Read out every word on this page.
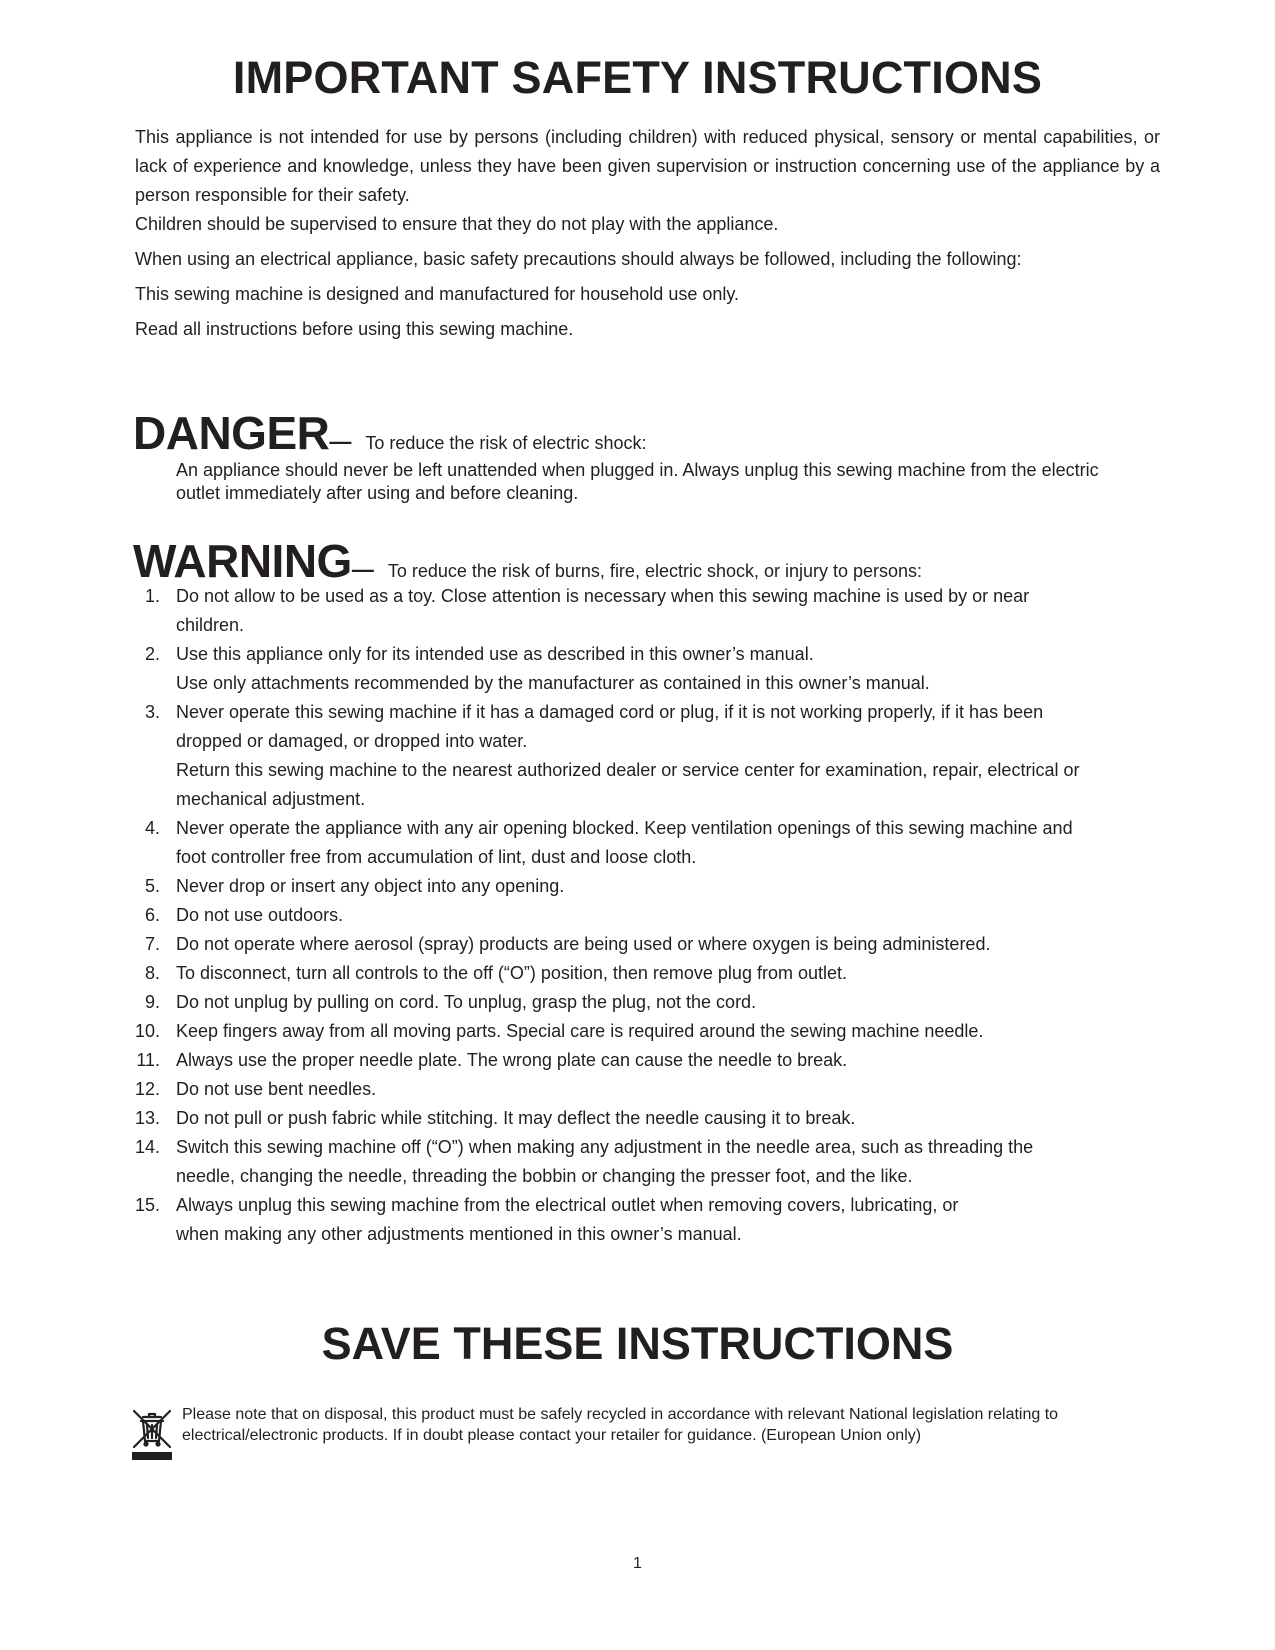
IMPORTANT SAFETY INSTRUCTIONS

This appliance is not intended for use by persons (including children) with reduced physical, sensory or mental capabilities, or lack of experience and knowledge, unless they have been given supervision or instruction concerning use of the appliance by a person responsible for their safety.

Children should be supervised to ensure that they do not play with the appliance.

When using an electrical appliance, basic safety precautions should always be followed, including the following:

This sewing machine is designed and manufactured for household use only.

Read all instructions before using this sewing machine.

DANGER— To reduce the risk of electric shock:

An appliance should never be left unattended when plugged in. Always unplug this sewing machine from the electric outlet immediately after using and before cleaning.

WARNING— To reduce the risk of burns, fire, electric shock, or injury to persons:
1. Do not allow to be used as a toy. Close attention is necessary when this sewing machine is used by or near
children.
2. Use this appliance only for its intended use as described in this owner’s manual.
Use only attachments recommended by the manufacturer as contained in this owner’s manual.
3. Never operate this sewing machine if it has a damaged cord or plug, if it is not working properly, if it has been
dropped or damaged, or dropped into water.
Return this sewing machine to the nearest authorized dealer or service center for examination, repair, electrical or
mechanical adjustment.
4. Never operate the appliance with any air opening blocked. Keep ventilation openings of this sewing machine and
foot controller free from accumulation of lint, dust and loose cloth.
5. Never drop or insert any object into any opening.
6. Do not use outdoors.
7. Do not operate where aerosol (spray) products are being used or where oxygen is being administered.
8. To disconnect, turn all controls to the off (“O”) position, then remove plug from outlet.
9. Do not unplug by pulling on cord. To unplug, grasp the plug, not the cord.
10. Keep fingers away from all moving parts. Special care is required around the sewing machine needle.
11. Always use the proper needle plate. The wrong plate can cause the needle to break.
12. Do not use bent needles.
13. Do not pull or push fabric while stitching. It may deflect the needle causing it to break.
14. Switch this sewing machine off (“O”) when making any adjustment in the needle area, such as threading the
needle, changing the needle, threading the bobbin or changing the presser foot, and the like.
15. Always unplug this sewing machine from the electrical outlet when removing covers, lubricating, or
when making any other adjustments mentioned in this owner’s manual.
SAVE THESE INSTRUCTIONS

Please note that on disposal, this product must be safely recycled in accordance with relevant National legislation relating to
electrical/electronic products. If in doubt please contact your retailer for guidance. (European Union only)

1
